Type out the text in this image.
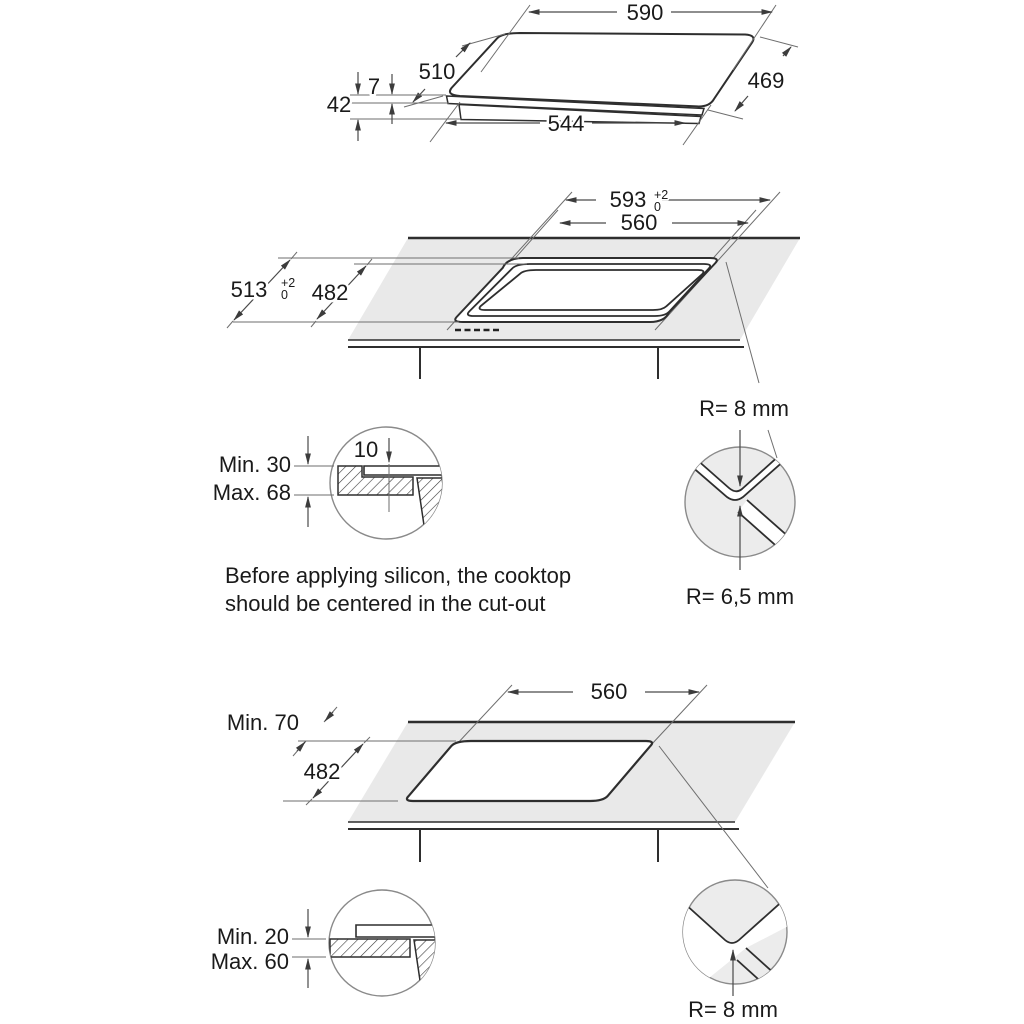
590
510	469
544
7
42
593 +2
0
560
513 +2
0 482
10
Min. 30
Max. 68
R= 8 mm
R= 6,5 mm
Before applying silicon, the cooktop
should be centered in the cut-out
560
Min. 70
482
Min. 20
Max. 60
R= 8 mm
